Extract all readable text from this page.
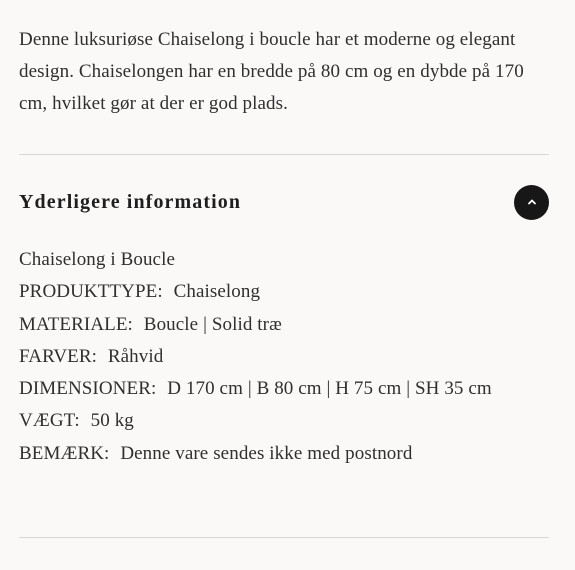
Denne luksuriøse Chaiselong i boucle har et moderne og elegant design. Chaiselongen har en bredde på 80 cm og en dybde på 170 cm, hvilket gør at der er god plads.

Yderligere information
Chaiselong i Boucle
PRODUKTTYPE: Chaiselong
MATERIALE: Boucle | Solid træ
FARVER: Råhvid
DIMENSIONER: D 170 cm | B 80 cm | H 75 cm | SH 35 cm
VÆGT: 50 kg
BEMÆRK: Denne vare sendes ikke med postnord
